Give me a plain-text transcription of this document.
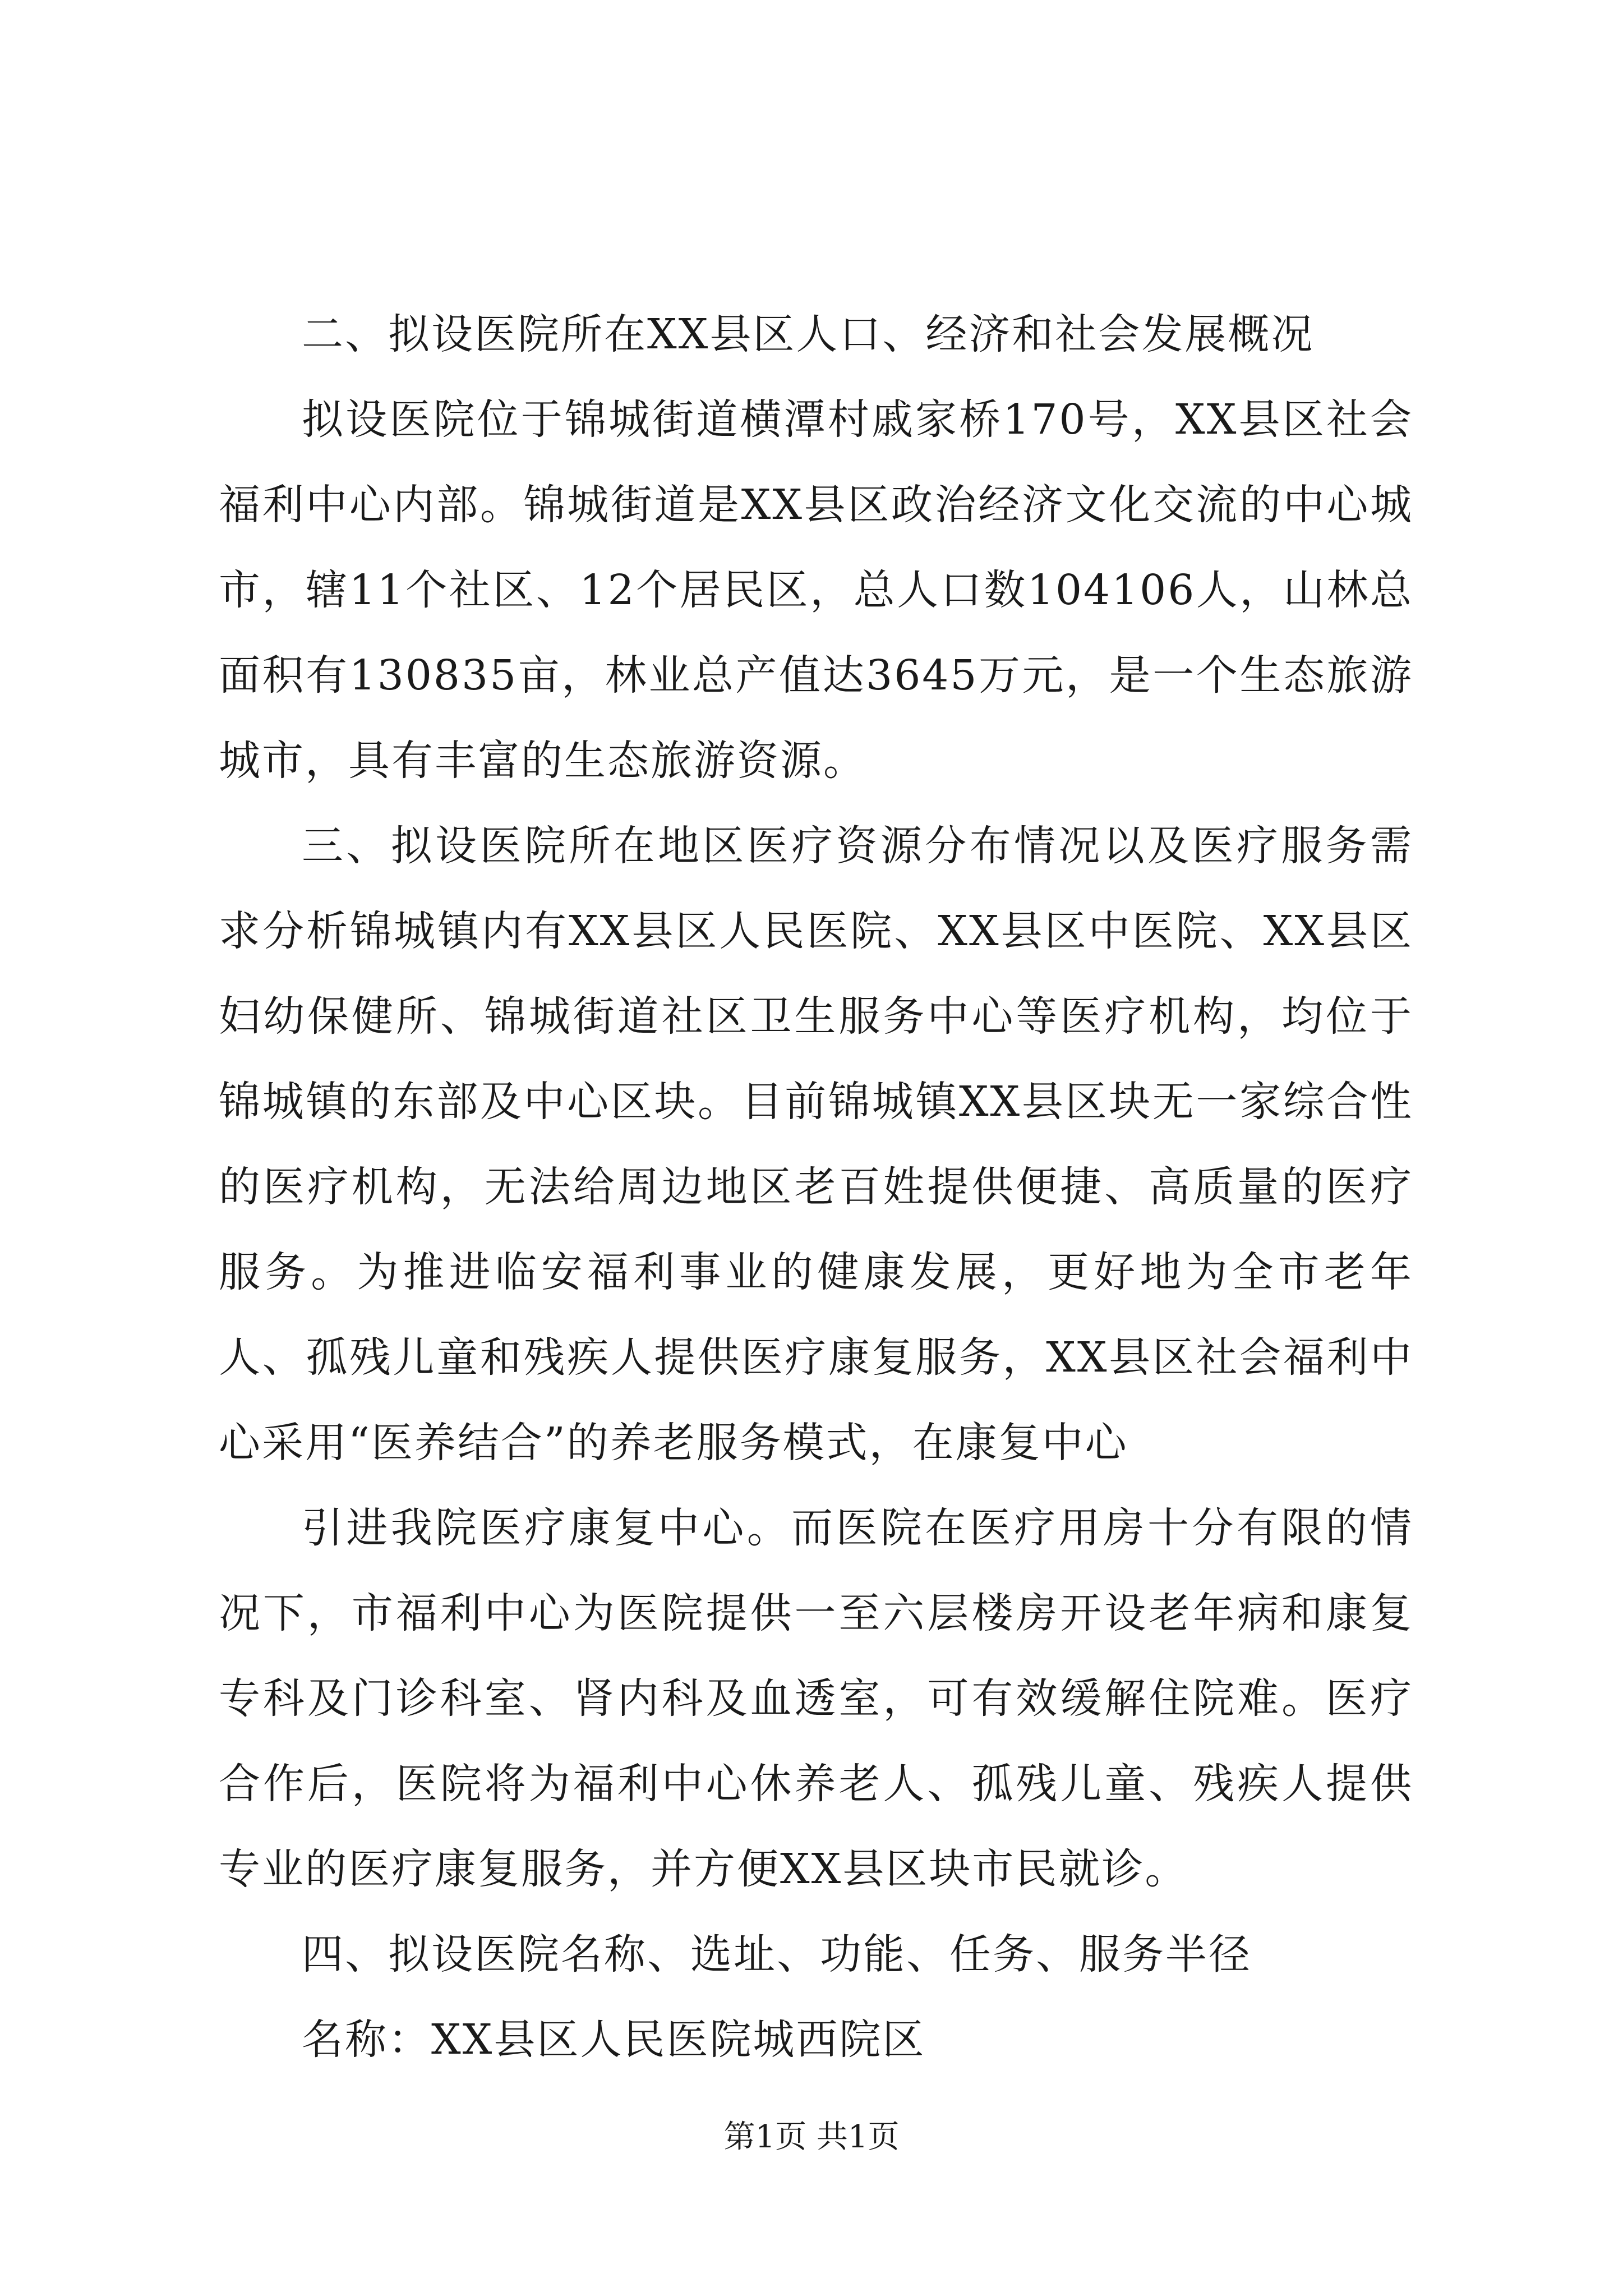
二、拟设医院所在XX县区人口、经济和社会发展概况

拟设医院位于锦城街道横潭村戚家桥170号，XX县区社会福利中心内部。锦城街道是XX县区政治经济文化交流的中心城市，辖11个社区、12个居民区，总人口数104106人，山林总面积有130835亩，林业总产值达3645万元，是一个生态旅游城市，具有丰富的生态旅游资源。

三、拟设医院所在地区医疗资源分布情况以及医疗服务需求分析锦城镇内有XX县区人民医院、XX县区中医院、XX县区妇幼保健所、锦城街道社区卫生服务中心等医疗机构，均位于锦城镇的东部及中心区块。目前锦城镇XX县区块无一家综合性的医疗机构，无法给周边地区老百姓提供便捷、高质量的医疗服务。为推进临安福利事业的健康发展，更好地为全市老年人、孤残儿童和残疾人提供医疗康复服务，XX县区社会福利中心采用“医养结合”的养老服务模式，在康复中心

引进我院医疗康复中心。而医院在医疗用房十分有限的情况下，市福利中心为医院提供一至六层楼房开设老年病和康复专科及门诊科室、肾内科及血透室，可有效缓解住院难。医疗合作后，医院将为福利中心休养老人、孤残儿童、残疾人提供专业的医疗康复服务，并方便XX县区块市民就诊。

四、拟设医院名称、选址、功能、任务、服务半径

名称：XX县区人民医院城西院区

第1页 共1页
